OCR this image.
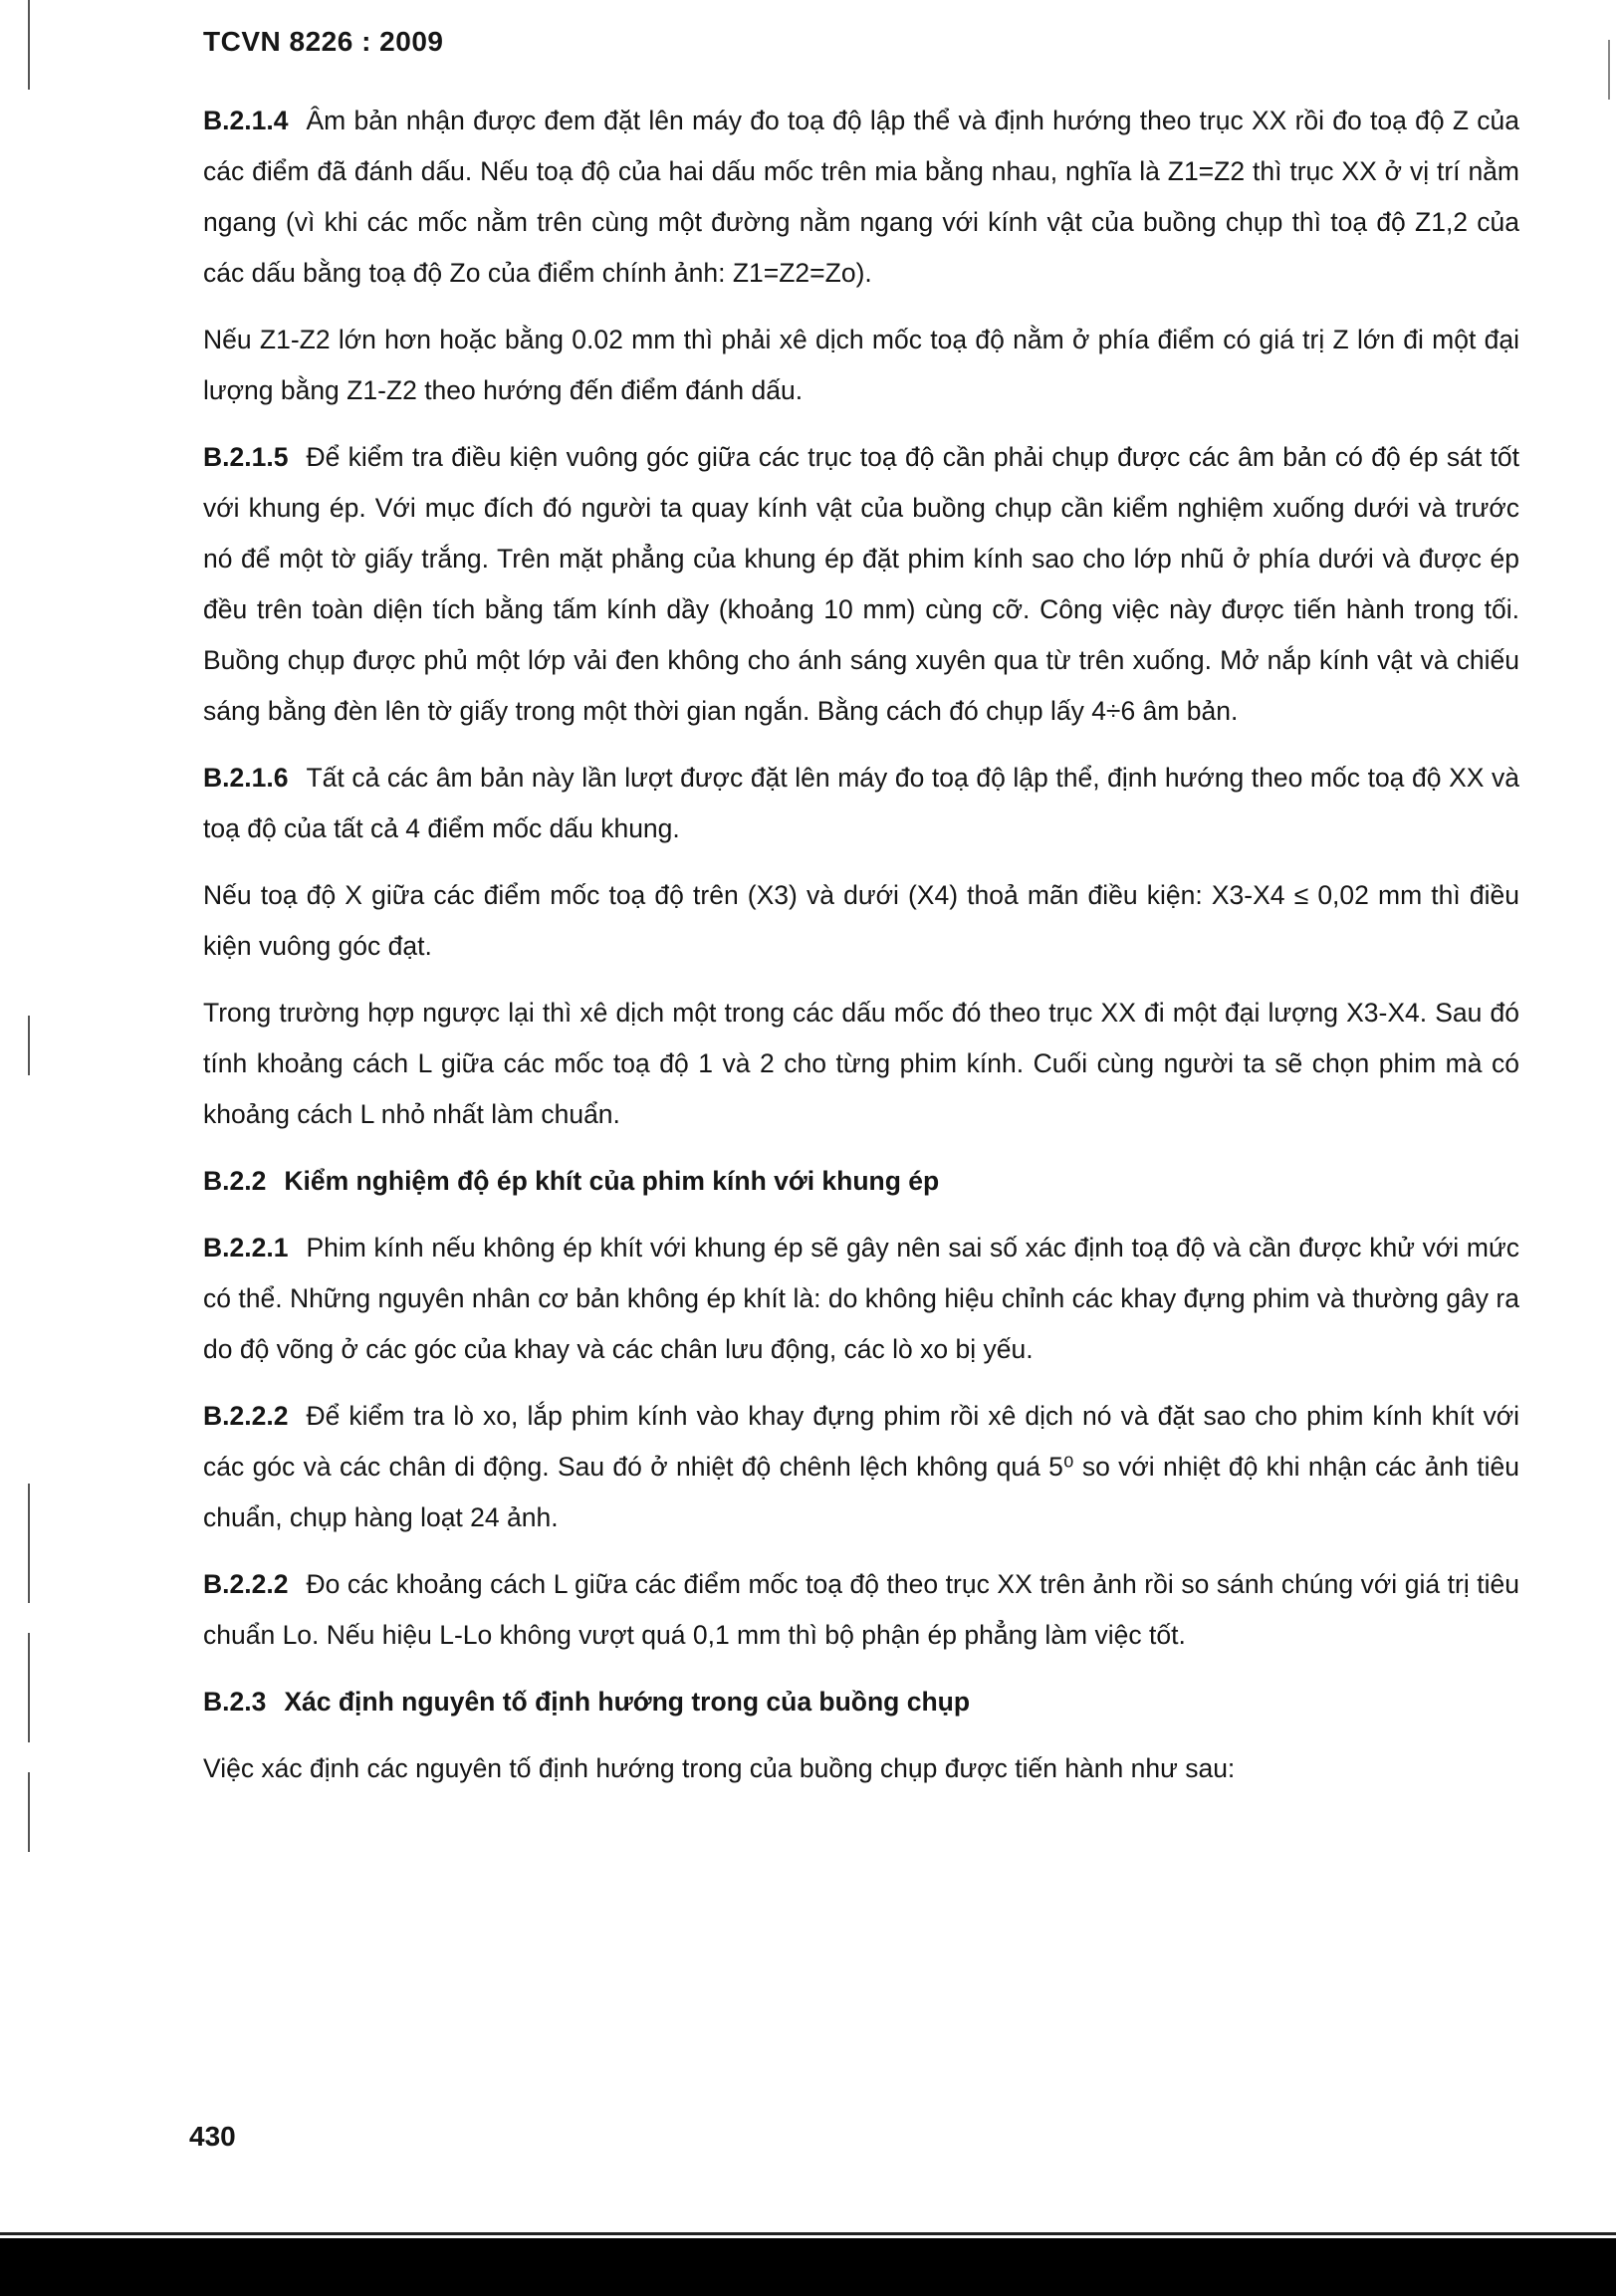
TCVN 8226 : 2009

B.2.1.4 Âm bản nhận được đem đặt lên máy đo toạ độ lập thể và định hướng theo trục XX rồi đo toạ độ Z của các điểm đã đánh dấu. Nếu toạ độ của hai dấu mốc trên mia bằng nhau, nghĩa là Z1=Z2 thì trục XX ở vị trí nằm ngang (vì khi các mốc nằm trên cùng một đường nằm ngang với kính vật của buồng chụp thì toạ độ Z1,2 của các dấu bằng toạ độ Zo của điểm chính ảnh: Z1=Z2=Zo).

Nếu Z1-Z2 lớn hơn hoặc bằng 0.02 mm thì phải xê dịch mốc toạ độ nằm ở phía điểm có giá trị Z lớn đi một đại lượng bằng Z1-Z2 theo hướng đến điểm đánh dấu.

B.2.1.5 Để kiểm tra điều kiện vuông góc giữa các trục toạ độ cần phải chụp được các âm bản có độ ép sát tốt với khung ép. Với mục đích đó người ta quay kính vật của buồng chụp cần kiểm nghiệm xuống dưới và trước nó để một tờ giấy trắng. Trên mặt phẳng của khung ép đặt phim kính sao cho lớp nhũ ở phía dưới và được ép đều trên toàn diện tích bằng tấm kính dầy (khoảng 10 mm) cùng cỡ. Công việc này được tiến hành trong tối. Buồng chụp được phủ một lớp vải đen không cho ánh sáng xuyên qua từ trên xuống. Mở nắp kính vật và chiếu sáng bằng đèn lên tờ giấy trong một thời gian ngắn. Bằng cách đó chụp lấy 4÷6 âm bản.

B.2.1.6 Tất cả các âm bản này lần lượt được đặt lên máy đo toạ độ lập thể, định hướng theo mốc toạ độ XX và toạ độ của tất cả 4 điểm mốc dấu khung.

Nếu toạ độ X giữa các điểm mốc toạ độ trên (X3) và dưới (X4) thoả mãn điều kiện: X3-X4 ≤ 0,02 mm thì điều kiện vuông góc đạt.

Trong trường hợp ngược lại thì xê dịch một trong các dấu mốc đó theo trục XX đi một đại lượng X3-X4. Sau đó tính khoảng cách L giữa các mốc toạ độ 1 và 2 cho từng phim kính. Cuối cùng người ta sẽ chọn phim mà có khoảng cách L nhỏ nhất làm chuẩn.

B.2.2 Kiểm nghiệm độ ép khít của phim kính với khung ép

B.2.2.1 Phim kính nếu không ép khít với khung ép sẽ gây nên sai số xác định toạ độ và cần được khử với mức có thể. Những nguyên nhân cơ bản không ép khít là: do không hiệu chỉnh các khay đựng phim và thường gây ra do độ võng ở các góc của khay và các chân lưu động, các lò xo bị yếu.

B.2.2.2 Để kiểm tra lò xo, lắp phim kính vào khay đựng phim rồi xê dịch nó và đặt sao cho phim kính khít với các góc và các chân di động. Sau đó ở nhiệt độ chênh lệch không quá 5⁰ so với nhiệt độ khi nhận các ảnh tiêu chuẩn, chụp hàng loạt 24 ảnh.

B.2.2.2 Đo các khoảng cách L giữa các điểm mốc toạ độ theo trục XX trên ảnh rồi so sánh chúng với giá trị tiêu chuẩn Lo. Nếu hiệu L-Lo không vượt quá 0,1 mm thì bộ phận ép phẳng làm việc tốt.

B.2.3 Xác định nguyên tố định hướng trong của buồng chụp

Việc xác định các nguyên tố định hướng trong của buồng chụp được tiến hành như sau:

430
